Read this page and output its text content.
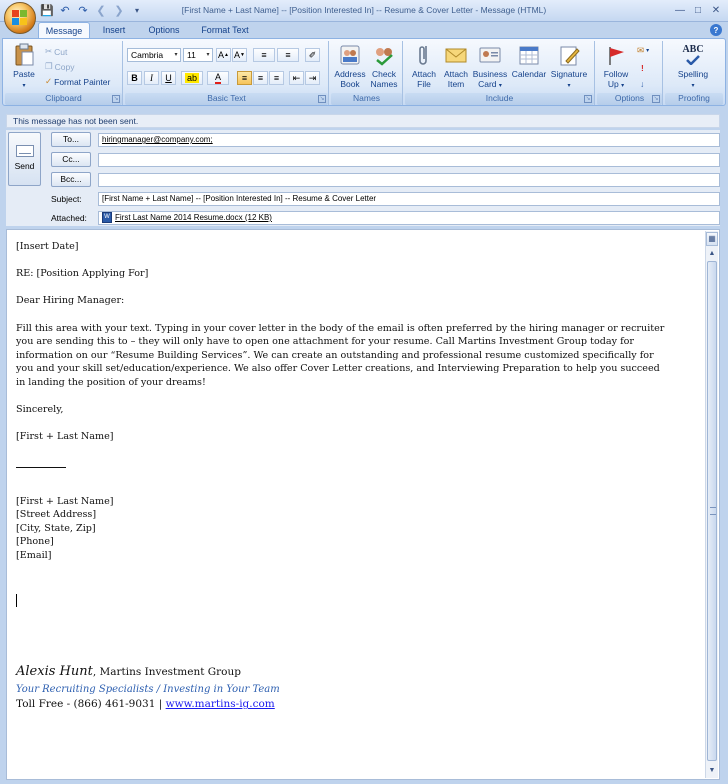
💾 ↶ ↷ ❮ ❯	▾	[First Name + Last Name] -- [Position Interested In] -- Resume & Cover Letter - Message (HTML)	— □	✕
Message	Insert	Options	Format Text	?
Paste
▾
✂ Cut
❐ Copy
✓ Format Painter
Clipboard	↘
Cambria	▾	11	▾ A ▲ A ▼	≡	≡	✐
B	I	U	ab A	≡	≡	≡	⇤ ⇥
Basic Text	↘
Address
Book
Check
Names
Names
Attach
File
Attach
Item
Business
Card ▾
Calendar Signature
▾
Include	↘
Follow
Up ▾
✉ ▾
!
↓
Options	↘
ABC
Spelling
▾
Proofing
This message has not been sent.
Send
To...
Cc...
Bcc...
hiringmanager@company.com;
Subject:	[First Name + Last Name] -- [Position Interested In] -- Resume & Cover Letter
Attached:	W First Last Name 2014 Resume.docx (12 KB)

[Insert Date]

RE: [Position Applying For]

Dear Hiring Manager:

Fill this area with your text. Typing in your cover letter in the body of the email is often preferred by the hiring manager or recruiter you are sending this to – they will only have to open one attachment for your resume. Call Martins Investment Group today for information on our “Resume Building Services”. We can create an outstanding and professional resume customized specifically for you and your skill set/education/experience. We also offer Cover Letter creations, and Interviewing Preparation to help you succeed in landing the position of your dreams!

Sincerely,

[First + Last Name]

[First + Last Name]

[Street Address]

[City, State, Zip]

[Phone]

[Email]

Alexis Hunt, Martins Investment Group

Your Recruiting Specialists / Investing in Your Team

Toll Free - (866) 461-9031 | www.martins-ig.com

▦
▲
▼
